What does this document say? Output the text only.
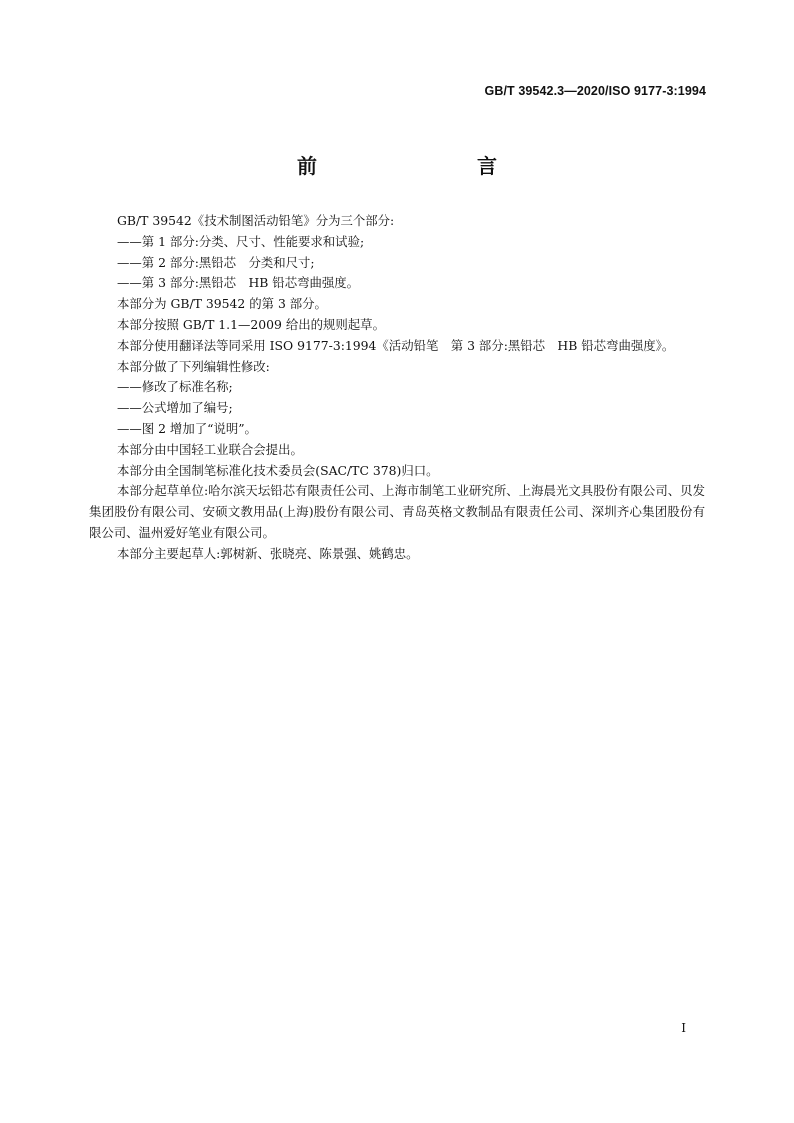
GB/T 39542.3—2020/ISO 9177-3:1994
前　　言

GB/T 39542《技术制图活动铅笔》分为三个部分:

——第 1 部分:分类、尺寸、性能要求和试验;

——第 2 部分:黑铅芯　分类和尺寸;

——第 3 部分:黑铅芯　HB 铅芯弯曲强度。

本部分为 GB/T 39542 的第 3 部分。

本部分按照 GB/T 1.1—2009 给出的规则起草。

本部分使用翻译法等同采用 ISO 9177-3:1994《活动铅笔　第 3 部分:黑铅芯　HB 铅芯弯曲强度》。

本部分做了下列编辑性修改:

——修改了标准名称;

——公式增加了编号;

——图 2 增加了“说明”。

本部分由中国轻工业联合会提出。

本部分由全国制笔标准化技术委员会(SAC/TC 378)归口。

本部分起草单位:哈尔滨天坛铅芯有限责任公司、上海市制笔工业研究所、上海晨光文具股份有限公司、贝发集团股份有限公司、安硕文教用品(上海)股份有限公司、青岛英格文教制品有限责任公司、深圳齐心集团股份有限公司、温州爱好笔业有限公司。

本部分主要起草人:郭树新、张晓亮、陈景强、姚鹤忠。

I
